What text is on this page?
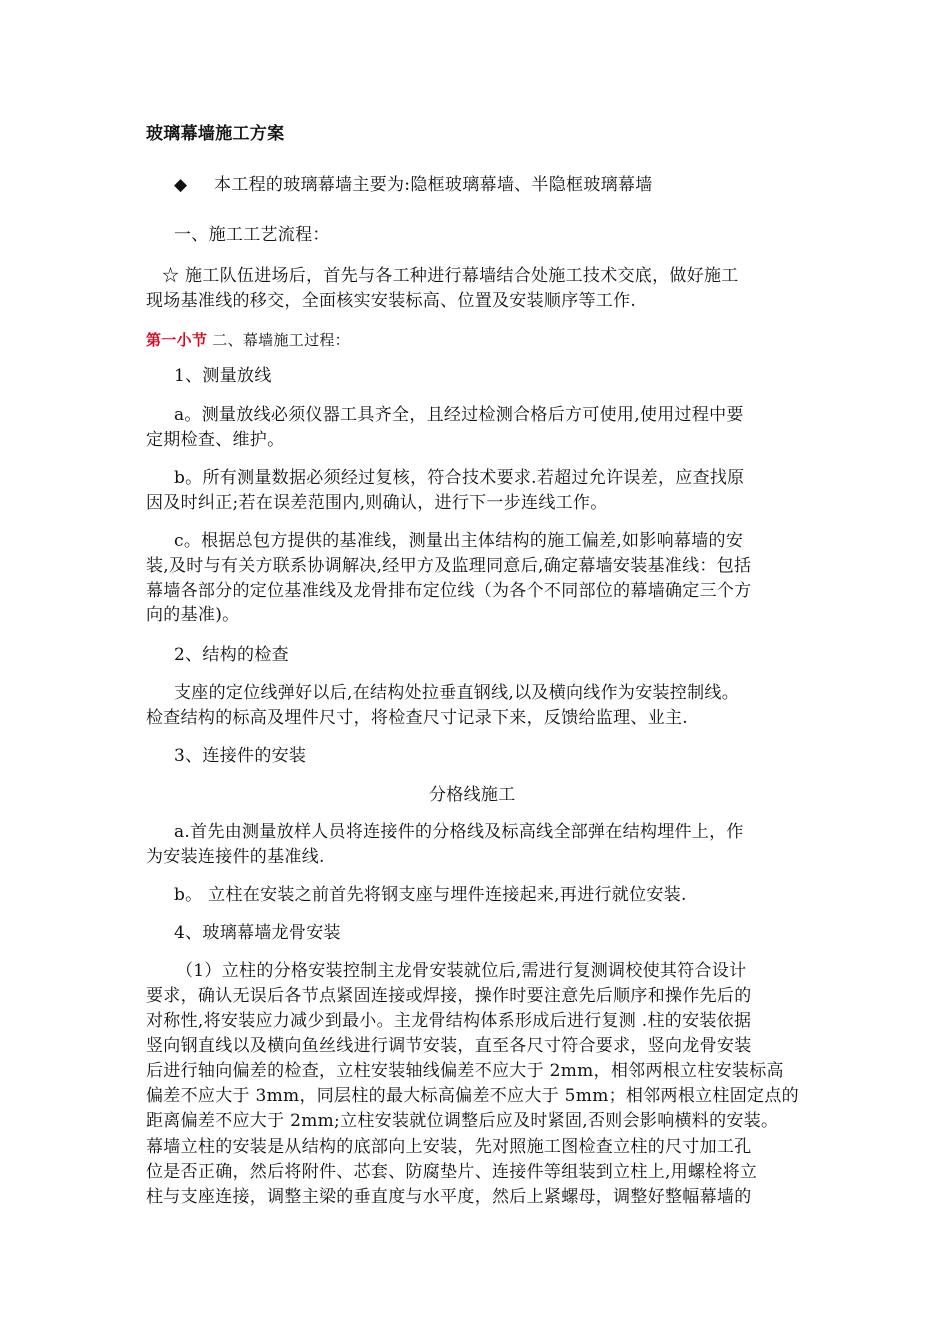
玻璃幕墙施工方案
◆ 本工程的玻璃幕墙主要为:隐框玻璃幕墙、半隐框玻璃幕墙
一、施工工艺流程：
☆ 施工队伍进场后，首先与各工种进行幕墙结合处施工技术交底，做好施工
现场基准线的移交，全面核实安装标高、位置及安装顺序等工作.
第一小节 二、幕墙施工过程：
1、测量放线
a。测量放线必须仪器工具齐全，且经过检测合格后方可使用,使用过程中要
定期检查、维护。
b。所有测量数据必须经过复核，符合技术要求.若超过允许误差，应查找原
因及时纠正;若在误差范围内,则确认，进行下一步连线工作。
c。根据总包方提供的基准线，测量出主体结构的施工偏差,如影响幕墙的安
装,及时与有关方联系协调解决,经甲方及监理同意后,确定幕墙安装基准线：包括
幕墙各部分的定位基准线及龙骨排布定位线（为各个不同部位的幕墙确定三个方
向的基准)。
2、结构的检查
支座的定位线弹好以后,在结构处拉垂直钢线,以及横向线作为安装控制线。
检查结构的标高及埋件尺寸，将检查尺寸记录下来，反馈给监理、业主.
3、连接件的安装
分格线施工
a.首先由测量放样人员将连接件的分格线及标高线全部弹在结构埋件上，作
为安装连接件的基准线.
b。 立柱在安装之前首先将钢支座与埋件连接起来,再进行就位安装.
4、玻璃幕墙龙骨安装
（1）立柱的分格安装控制主龙骨安装就位后,需进行复测调校使其符合设计
要求，确认无误后各节点紧固连接或焊接，操作时要注意先后顺序和操作先后的
对称性,将安装应力减少到最小。主龙骨结构体系形成后进行复测 .柱的安装依据
竖向钢直线以及横向鱼丝线进行调节安装，直至各尺寸符合要求，竖向龙骨安装
后进行轴向偏差的检查，立柱安装轴线偏差不应大于 2mm，相邻两根立柱安装标高
偏差不应大于 3mm，同层柱的最大标高偏差不应大于 5mm；相邻两根立柱固定点的
距离偏差不应大于 2mm;立柱安装就位调整后应及时紧固,否则会影响横料的安装。
幕墙立柱的安装是从结构的底部向上安装，先对照施工图检查立柱的尺寸加工孔
位是否正确，然后将附件、芯套、防腐垫片、连接件等组装到立柱上,用螺栓将立
柱与支座连接，调整主梁的垂直度与水平度，然后上紧螺母，调整好整幅幕墙的
